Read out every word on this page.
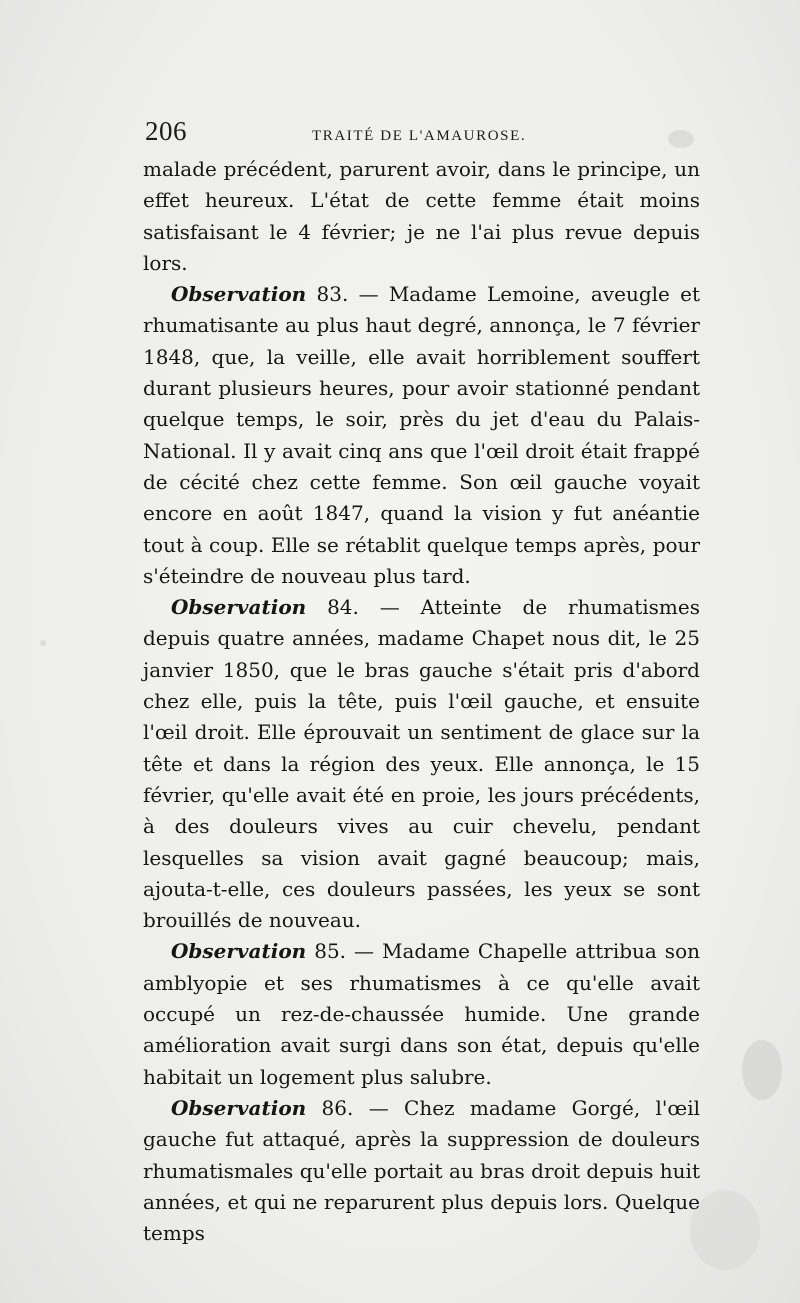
206	TRAITÉ DE L'AMAUROSE.

malade précédent, parurent avoir, dans le principe, un effet heureux. L'état de cette femme était moins satisfaisant le 4 février; je ne l'ai plus revue depuis lors.

Observation 83. — Madame Lemoine, aveugle et rhumatisante au plus haut degré, annonça, le 7 février 1848, que, la veille, elle avait horriblement souffert durant plusieurs heures, pour avoir stationné pendant quelque temps, le soir, près du jet d'eau du Palais-National. Il y avait cinq ans que l'œil droit était frappé de cécité chez cette femme. Son œil gauche voyait encore en août 1847, quand la vision y fut anéantie tout à coup. Elle se rétablit quelque temps après, pour s'éteindre de nouveau plus tard.

Observation 84. — Atteinte de rhumatismes depuis quatre années, madame Chapet nous dit, le 25 janvier 1850, que le bras gauche s'était pris d'abord chez elle, puis la tête, puis l'œil gauche, et ensuite l'œil droit. Elle éprouvait un sentiment de glace sur la tête et dans la région des yeux. Elle annonça, le 15 février, qu'elle avait été en proie, les jours précédents, à des douleurs vives au cuir chevelu, pendant lesquelles sa vision avait gagné beaucoup; mais, ajouta-t-elle, ces douleurs passées, les yeux se sont brouillés de nouveau.

Observation 85. — Madame Chapelle attribua son amblyopie et ses rhumatismes à ce qu'elle avait occupé un rez-de-chaussée humide. Une grande amélioration avait surgi dans son état, depuis qu'elle habitait un logement plus salubre.

Observation 86. — Chez madame Gorgé, l'œil gauche fut attaqué, après la suppression de douleurs rhumatismales qu'elle portait au bras droit depuis huit années, et qui ne reparurent plus depuis lors. Quelque temps
